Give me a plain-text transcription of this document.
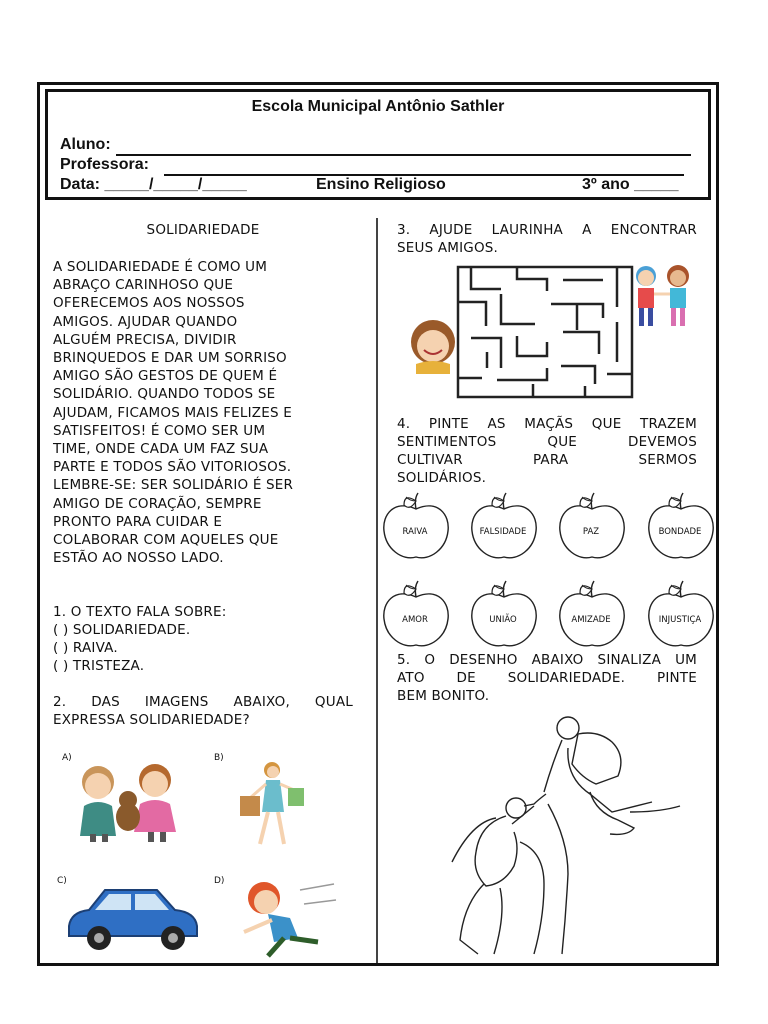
Escola Municipal Antônio Sathler
Aluno:
Professora:
Data: _____/_____/_____	Ensino Religioso	3º ano _____
SOLIDARIEDADE
A SOLIDARIEDADE É COMO UM
ABRAÇO CARINHOSO QUE
OFERECEMOS AOS NOSSOS
AMIGOS. AJUDAR QUANDO
ALGUÉM PRECISA, DIVIDIR
BRINQUEDOS E DAR UM SORRISO
AMIGO SÃO GESTOS DE QUEM É
SOLIDÁRIO. QUANDO TODOS SE
AJUDAM, FICAMOS MAIS FELIZES E
SATISFEITOS! É COMO SER UM
TIME, ONDE CADA UM FAZ SUA
PARTE E TODOS SÃO VITORIOSOS.
LEMBRE-SE: SER SOLIDÁRIO É SER
AMIGO DE CORAÇÃO, SEMPRE
PRONTO PARA CUIDAR E
COLABORAR COM AQUELES QUE
ESTÃO AO NOSSO LADO.
1. O TEXTO FALA SOBRE:
( ) SOLIDARIEDADE.
( ) RAIVA.
( ) TRISTEZA.
2. DAS IMAGENS ABAIXO, QUAL
EXPRESSA SOLIDARIEDADE?
A)	B)
C)	D)
3. AJUDE LAURINHA A ENCONTRAR
SEUS AMIGOS.
4. PINTE AS MAÇÃS QUE TRAZEM
SENTIMENTOS QUE DEVEMOS
CULTIVAR PARA SERMOS
SOLIDÁRIOS.
RAIVA	FALSIDADE	PAZ	BONDADE
AMOR	UNIÃO	AMIZADE	INJUSTIÇA
5. O DESENHO ABAIXO SINALIZA UM
ATO DE SOLIDARIEDADE. PINTE
BEM BONITO.
